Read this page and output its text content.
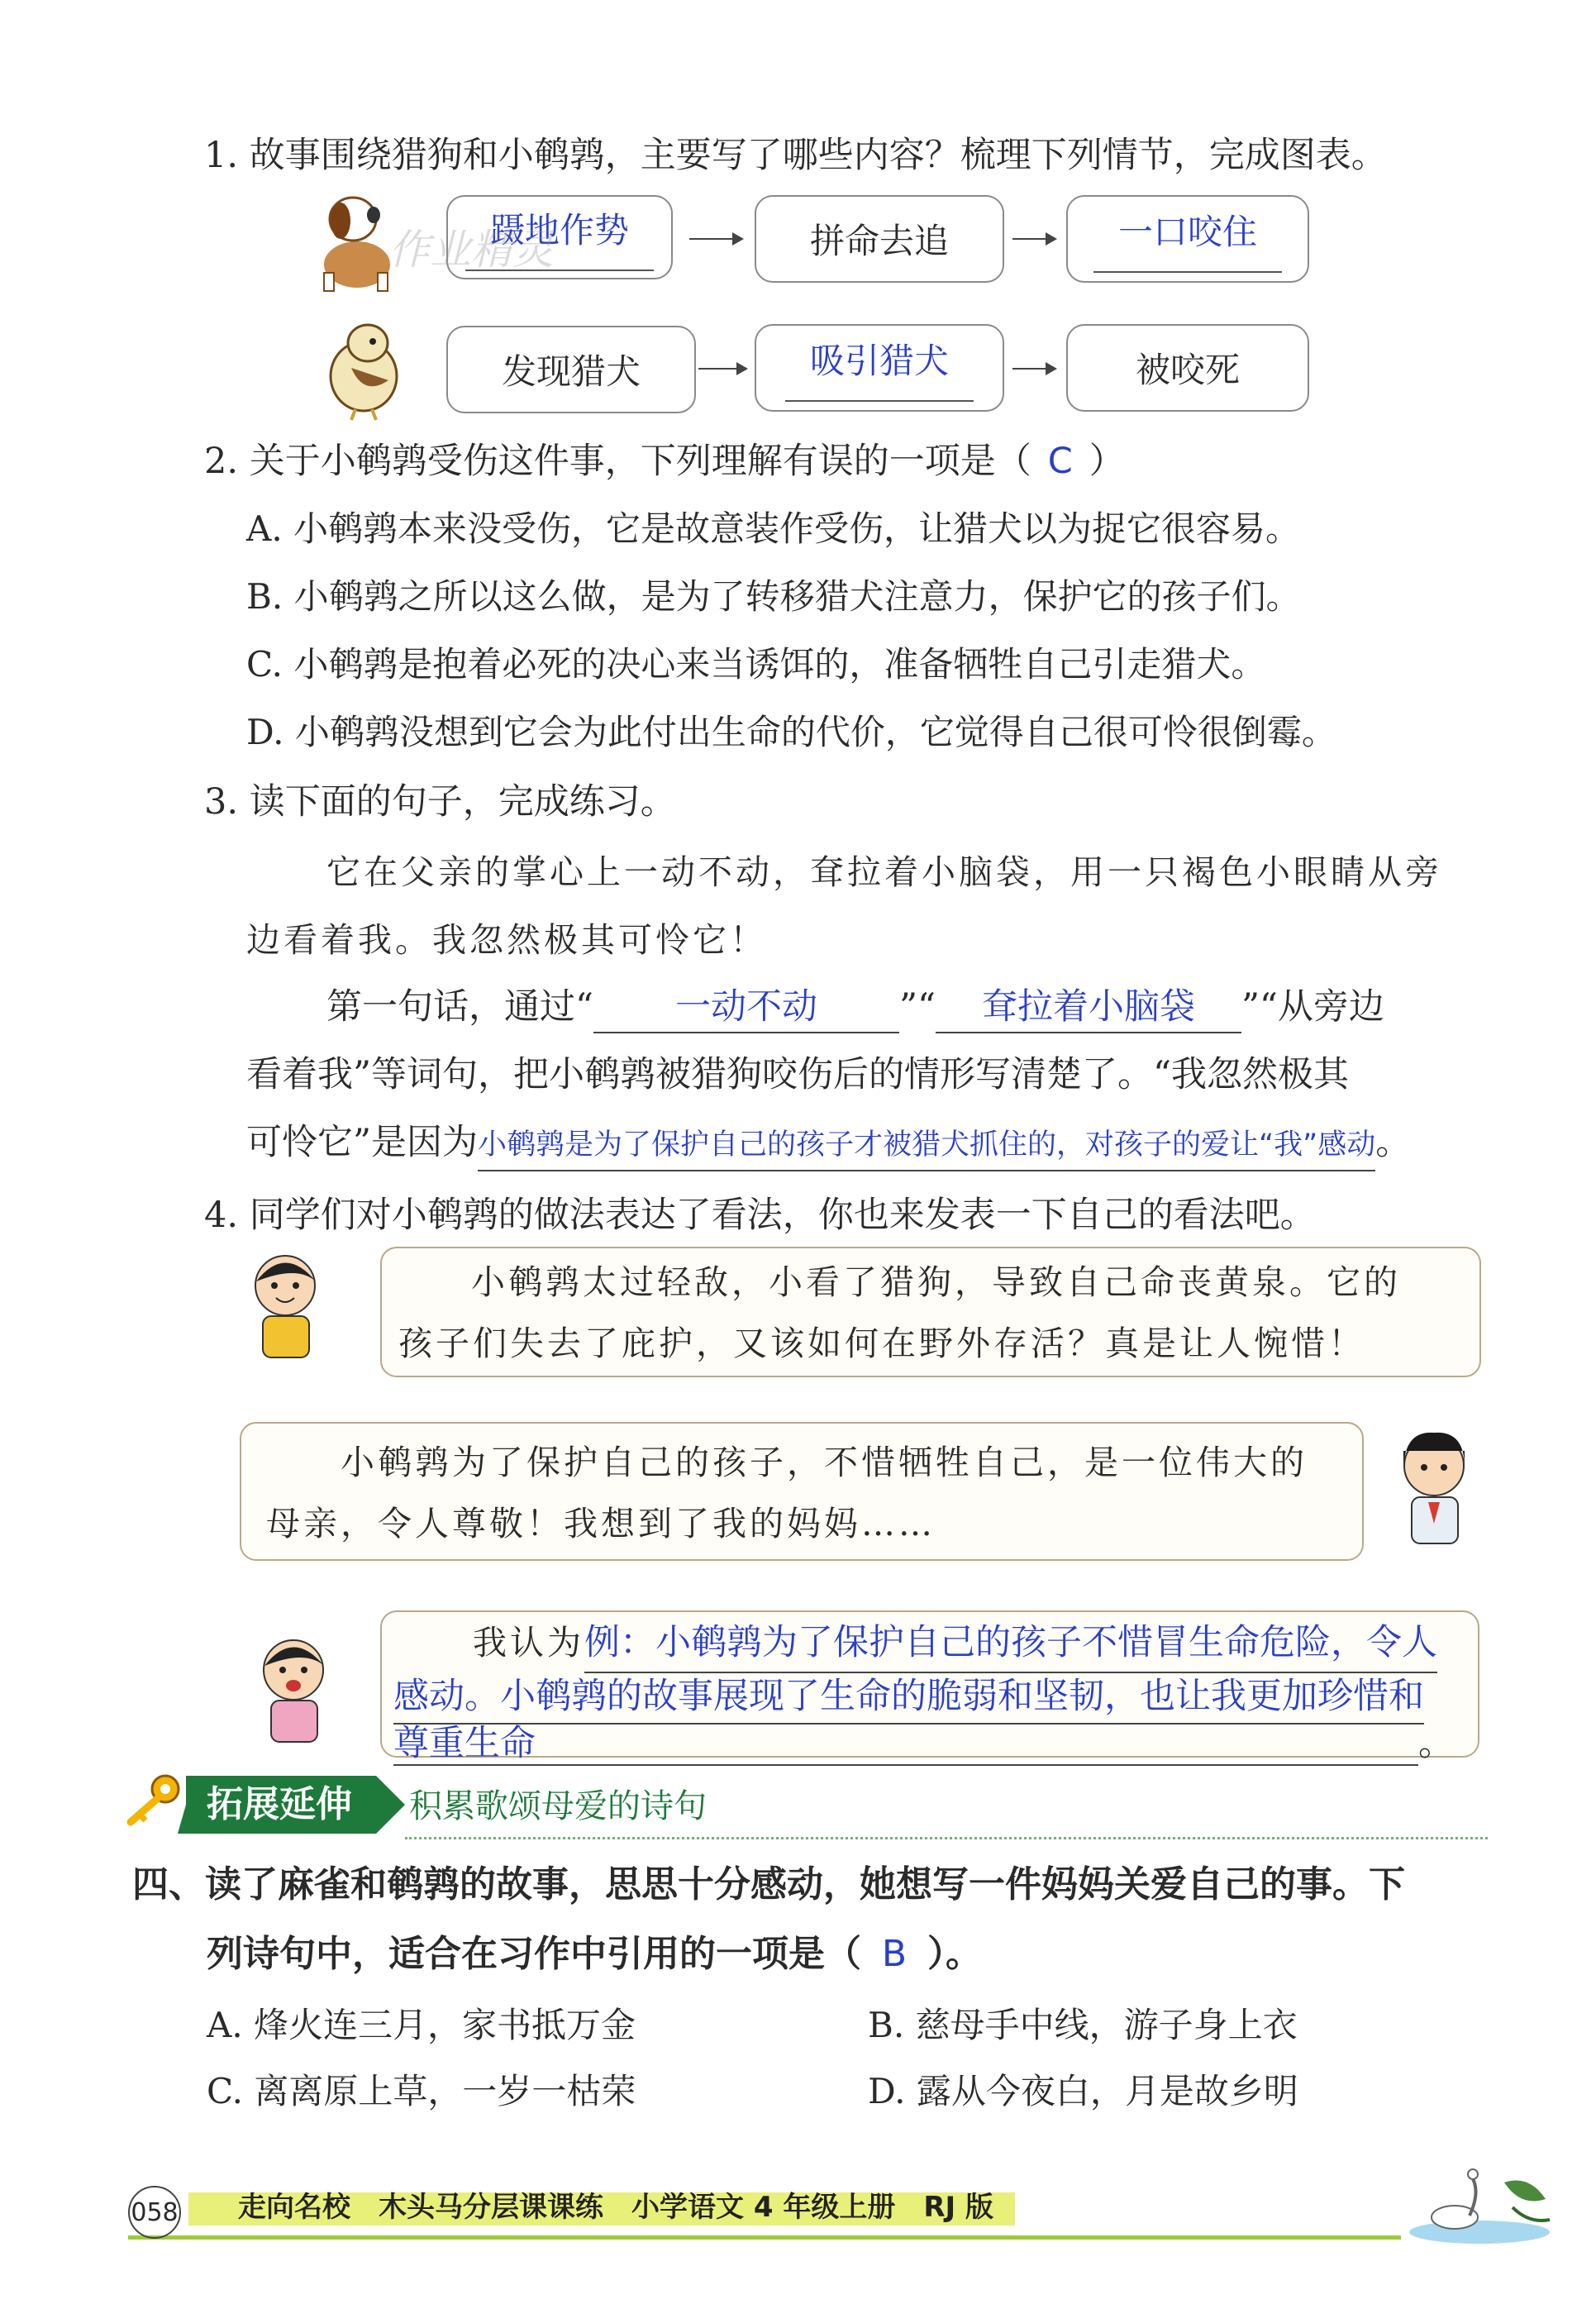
1. 故事围绕猎狗和小鹌鹑，主要写了哪些内容？梳理下列情节，完成图表。
蹑地作势	拼命去追	一口咬住
作业精灵
发现猎犬	吸引猎犬	被咬死
2. 关于小鹌鹑受伤这件事，下列理解有误的一项是（ C ）
A. 小鹌鹑本来没受伤，它是故意装作受伤，让猎犬以为捉它很容易。
B. 小鹌鹑之所以这么做，是为了转移猎犬注意力，保护它的孩子们。
C. 小鹌鹑是抱着必死的决心来当诱饵的，准备牺牲自己引走猎犬。
D. 小鹌鹑没想到它会为此付出生命的代价，它觉得自己很可怜很倒霉。
3. 读下面的句子，完成练习。
它在父亲的掌心上一动不动，耷拉着小脑袋，用一只褐色小眼睛从旁
边看着我。我忽然极其可怜它！
第一句话，通过“ 一动不动 ”“ 耷拉着小脑袋 ”“从旁边
看着我”等词句，把小鹌鹑被猎狗咬伤后的情形写清楚了。“我忽然极其
可怜它”是因为小鹌鹑是为了保护自己的孩子才被猎犬抓住的，对孩子的爱让“我”感动。
4. 同学们对小鹌鹑的做法表达了看法，你也来发表一下自己的看法吧。
小鹌鹑太过轻敌，小看了猎狗，导致自己命丧黄泉。它的
孩子们失去了庇护，又该如何在野外存活？真是让人惋惜！
小鹌鹑为了保护自己的孩子，不惜牺牲自己，是一位伟大的
母亲，令人尊敬！我想到了我的妈妈……
我认为例：小鹌鹑为了保护自己的孩子不惜冒生命危险，令人
感动。小鹌鹑的故事展现了生命的脆弱和坚韧，也让我更加珍惜和
尊重生命	。
拓展延伸 积累歌颂母爱的诗句
四、读了麻雀和鹌鹑的故事，思思十分感动，她想写一件妈妈关爱自己的事。下
列诗句中，适合在习作中引用的一项是（ B ）。
A. 烽火连三月，家书抵万金	B. 慈母手中线，游子身上衣
C. 离离原上草，一岁一枯荣	D. 露从今夜白，月是故乡明
058 走向名校　木头马分层课课练　小学语文 4 年级上册　RJ 版
